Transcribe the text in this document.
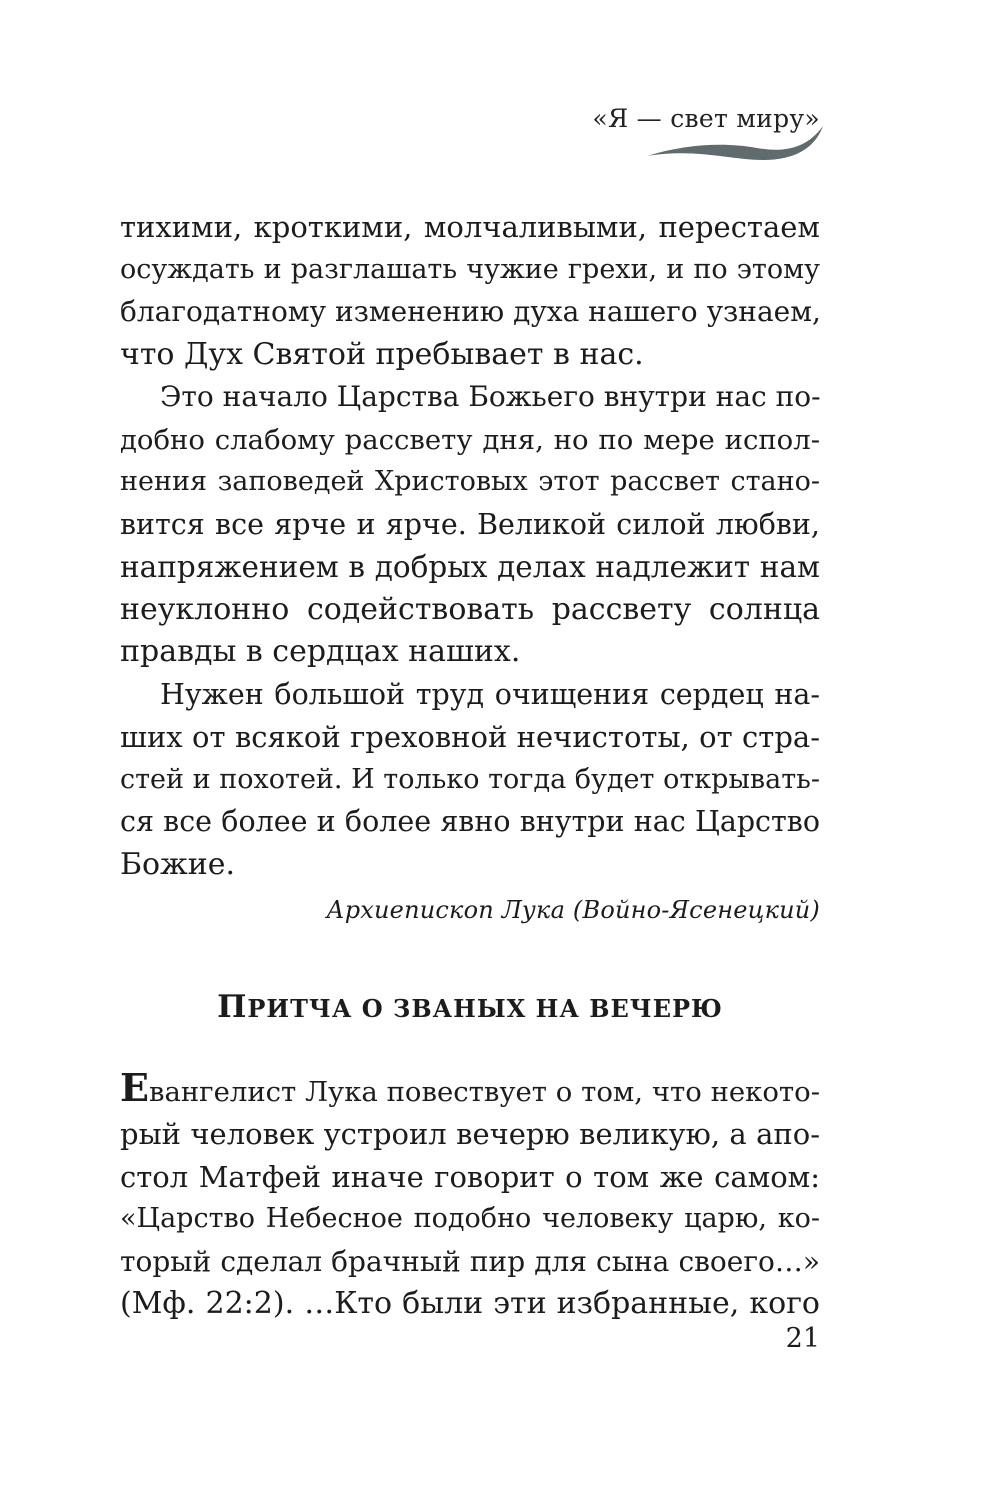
«Я — свет миру»
тихими, кроткими, молчаливыми, перестаем
осуждать и разглашать чужие грехи, и по этому
благодатному изменению духа нашего узнаем,
что Дух Святой пребывает в нас.
Это начало Царства Божьего внутри нас по-
добно слабому рассвету дня, но по мере испол-
нения заповедей Христовых этот рассвет стано-
вится все ярче и ярче. Великой силой любви,
напряжением в добрых делах надлежит нам
неуклонно содействовать рассвету солнца
правды в сердцах наших.
Нужен большой труд очищения сердец на-
ших от всякой греховной нечистоты, от стра-
стей и похотей. И только тогда будет открывать-
ся все более и более явно внутри нас Царство
Божие.
Архиепископ Лука (Войно-Ясенецкий)
ПРИТЧА О ЗВАНЫХ НА ВЕЧЕРЮ
Евангелист Лука повествует о том, что некото-
рый человек устроил вечерю великую, а апо-
стол Матфей иначе говорит о том же самом:
«Царство Небесное подобно человеку царю, ко-
торый сделал брачный пир для сына своего…»
(Мф. 22:2). …Кто были эти избранные, кого
21
